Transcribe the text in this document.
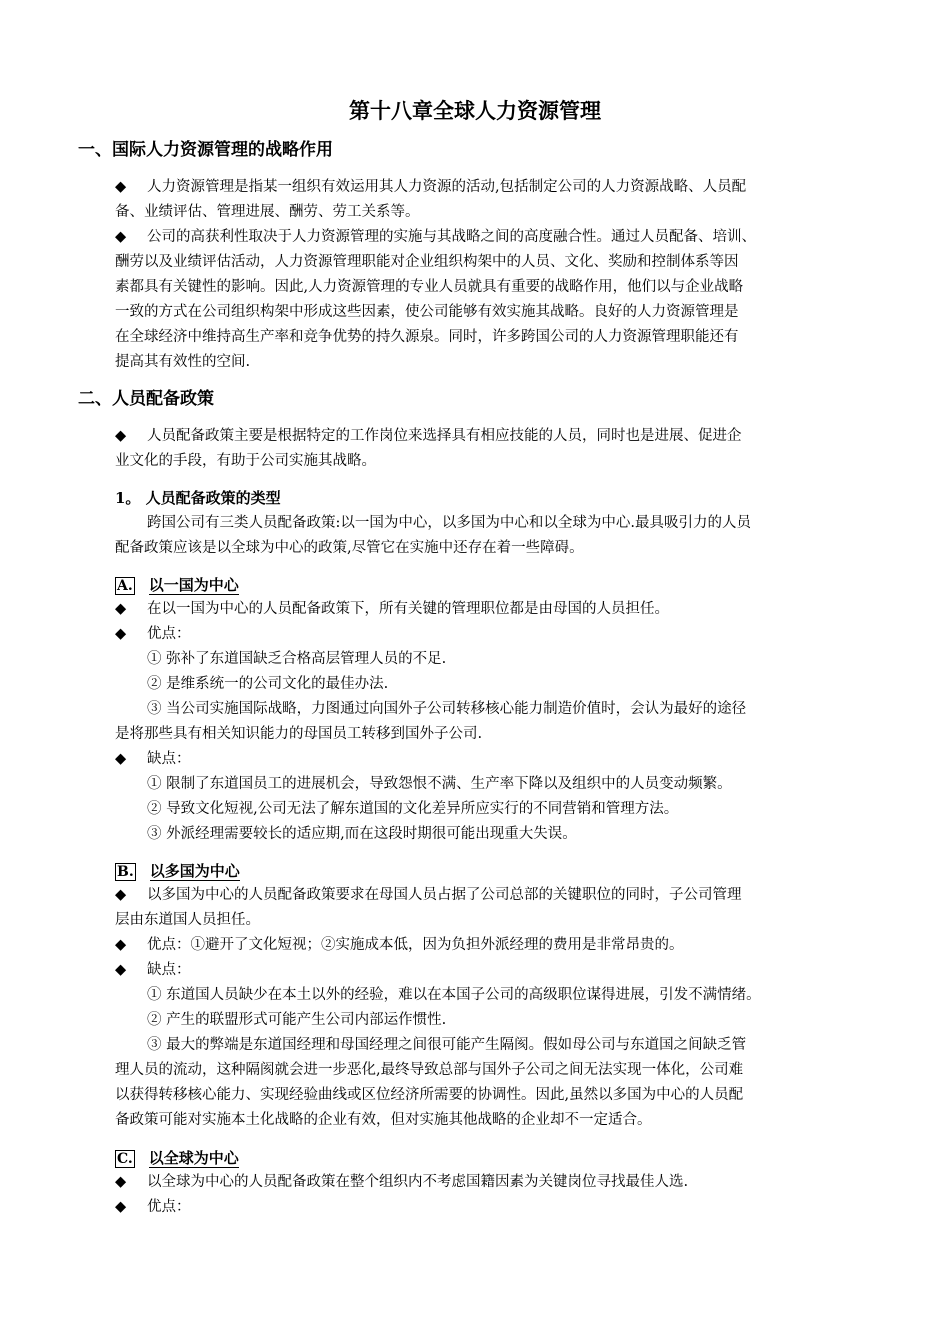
第十八章全球人力资源管理
一、国际人力资源管理的战略作用
◆ 人力资源管理是指某一组织有效运用其人力资源的活动,包括制定公司的人力资源战略、人员配
备、业绩评估、管理进展、酬劳、劳工关系等。
◆ 公司的高获利性取决于人力资源管理的实施与其战略之间的高度融合性。通过人员配备、培训、
酬劳以及业绩评估活动，人力资源管理职能对企业组织构架中的人员、文化、奖励和控制体系等因
素都具有关键性的影响。因此,人力资源管理的专业人员就具有重要的战略作用，他们以与企业战略
一致的方式在公司组织构架中形成这些因素，使公司能够有效实施其战略。良好的人力资源管理是
在全球经济中维持高生产率和竞争优势的持久源泉。同时，许多跨国公司的人力资源管理职能还有
提高其有效性的空间.
二、人员配备政策
◆ 人员配备政策主要是根据特定的工作岗位来选择具有相应技能的人员，同时也是进展、促进企
业文化的手段，有助于公司实施其战略。
1。 人员配备政策的类型
跨国公司有三类人员配备政策:以一国为中心，以多国为中心和以全球为中心.最具吸引力的人员
配备政策应该是以全球为中心的政策,尽管它在实施中还存在着一些障碍。
A. 以一国为中心
◆ 在以一国为中心的人员配备政策下，所有关键的管理职位都是由母国的人员担任。
◆ 优点：
① 弥补了东道国缺乏合格高层管理人员的不足.
② 是维系统一的公司文化的最佳办法.
③ 当公司实施国际战略，力图通过向国外子公司转移核心能力制造价值时，会认为最好的途径
是将那些具有相关知识能力的母国员工转移到国外子公司.
◆ 缺点：
① 限制了东道国员工的进展机会，导致怨恨不满、生产率下降以及组织中的人员变动频繁。
② 导致文化短视,公司无法了解东道国的文化差异所应实行的不同营销和管理方法。
③ 外派经理需要较长的适应期,而在这段时期很可能出现重大失误。
B. 以多国为中心
◆ 以多国为中心的人员配备政策要求在母国人员占据了公司总部的关键职位的同时，子公司管理
层由东道国人员担任。
◆ 优点：①避开了文化短视；②实施成本低，因为负担外派经理的费用是非常昂贵的。
◆ 缺点：
① 东道国人员缺少在本土以外的经验，难以在本国子公司的高级职位谋得进展，引发不满情绪。
② 产生的联盟形式可能产生公司内部运作惯性.
③ 最大的弊端是东道国经理和母国经理之间很可能产生隔阂。假如母公司与东道国之间缺乏管
理人员的流动，这种隔阂就会进一步恶化,最终导致总部与国外子公司之间无法实现一体化，公司难
以获得转移核心能力、实现经验曲线或区位经济所需要的协调性。因此,虽然以多国为中心的人员配
备政策可能对实施本土化战略的企业有效，但对实施其他战略的企业却不一定适合。
C. 以全球为中心
◆ 以全球为中心的人员配备政策在整个组织内不考虑国籍因素为关键岗位寻找最佳人选.
◆ 优点：
